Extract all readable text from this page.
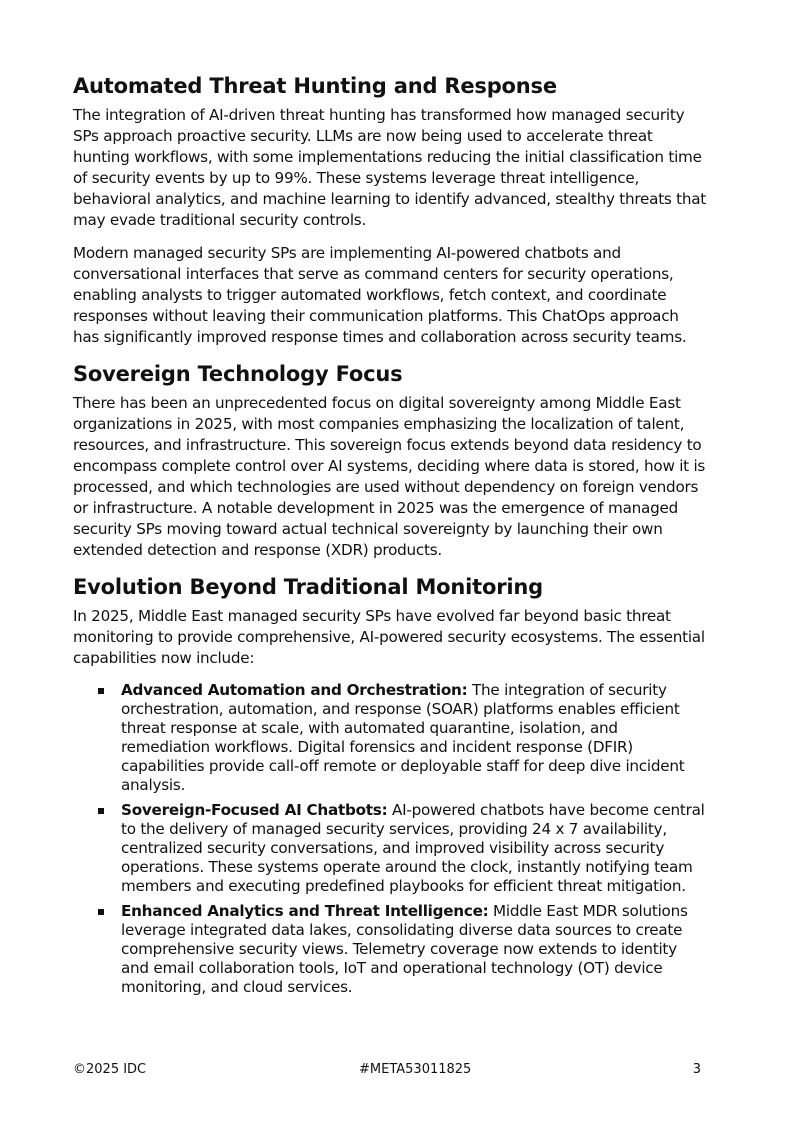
Automated Threat Hunting and Response

The integration of AI-driven threat hunting has transformed how managed security SPs approach proactive security. LLMs are now being used to accelerate threat hunting workflows, with some implementations reducing the initial classification time of security events by up to 99%. These systems leverage threat intelligence, behavioral analytics, and machine learning to identify advanced, stealthy threats that may evade traditional security controls.

Modern managed security SPs are implementing AI-powered chatbots and conversational interfaces that serve as command centers for security operations, enabling analysts to trigger automated workflows, fetch context, and coordinate responses without leaving their communication platforms. This ChatOps approach has significantly improved response times and collaboration across security teams.

Sovereign Technology Focus

There has been an unprecedented focus on digital sovereignty among Middle East organizations in 2025, with most companies emphasizing the localization of talent, resources, and infrastructure. This sovereign focus extends beyond data residency to encompass complete control over AI systems, deciding where data is stored, how it is processed, and which technologies are used without dependency on foreign vendors or infrastructure. A notable development in 2025 was the emergence of managed security SPs moving toward actual technical sovereignty by launching their own extended detection and response (XDR) products.

Evolution Beyond Traditional Monitoring

In 2025, Middle East managed security SPs have evolved far beyond basic threat monitoring to provide comprehensive, AI-powered security ecosystems. The essential capabilities now include:

Advanced Automation and Orchestration: The integration of security orchestration, automation, and response (SOAR) platforms enables efficient threat response at scale, with automated quarantine, isolation, and remediation workflows. Digital forensics and incident response (DFIR) capabilities provide call-off remote or deployable staff for deep dive incident analysis.
Sovereign-Focused AI Chatbots: AI-powered chatbots have become central to the delivery of managed security services, providing 24 x 7 availability, centralized security conversations, and improved visibility across security operations. These systems operate around the clock, instantly notifying team members and executing predefined playbooks for efficient threat mitigation.
Enhanced Analytics and Threat Intelligence: Middle East MDR solutions leverage integrated data lakes, consolidating diverse data sources to create comprehensive security views. Telemetry coverage now extends to identity and email collaboration tools, IoT and operational technology (OT) device monitoring, and cloud services.
©2025 IDC	#META53011825	3
